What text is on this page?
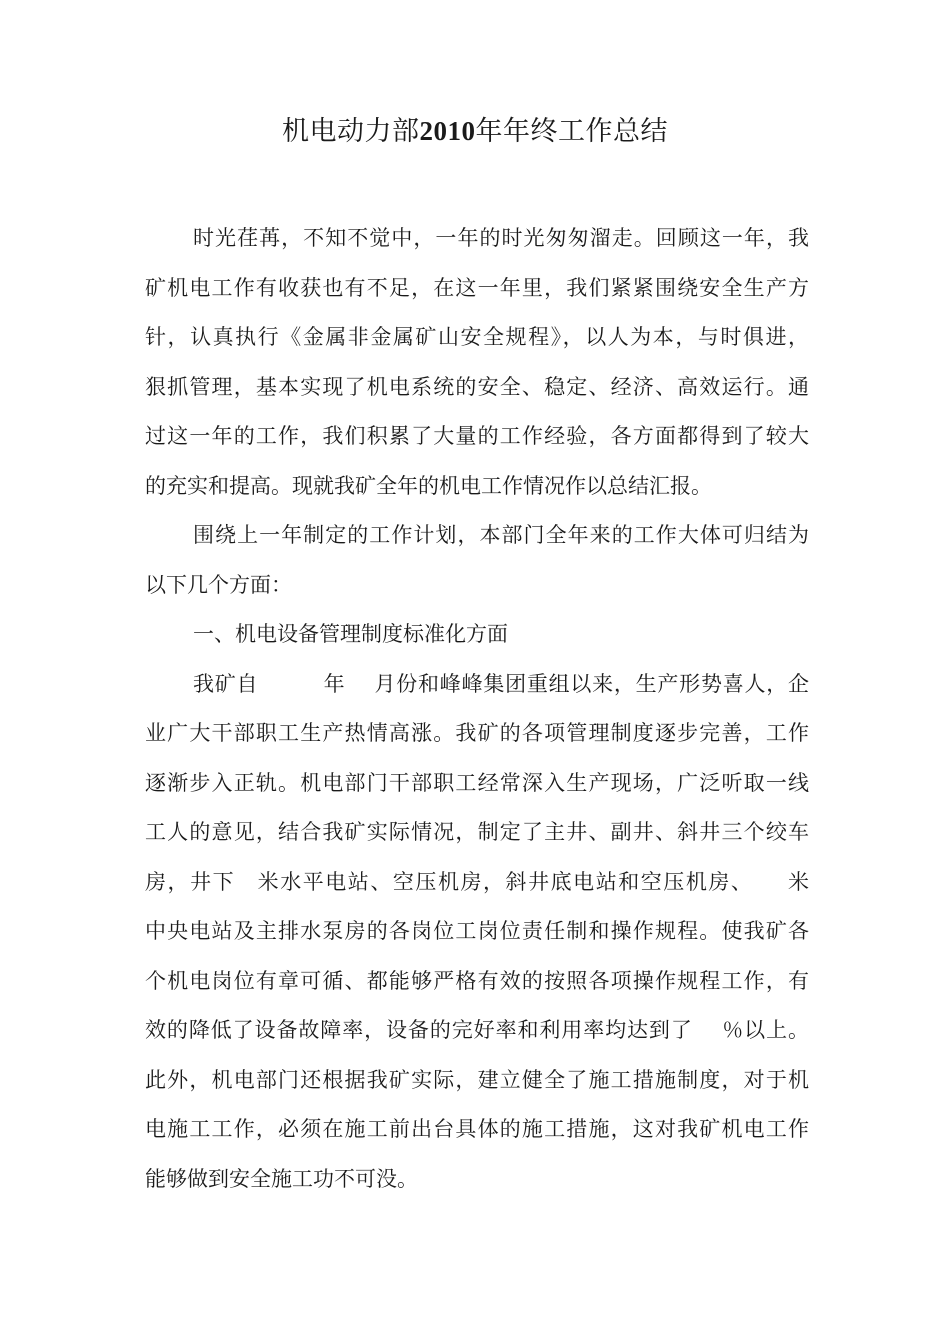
机电动力部2010年年终工作总结
时光荏苒，不知不觉中，一年的时光匆匆溜走。回顾这一年，我
矿机电工作有收获也有不足，在这一年里，我们紧紧围绕安全生产方
针，认真执行《金属非金属矿山安全规程》，以人为本，与时俱进，
狠抓管理，基本实现了机电系统的安全、稳定、经济、高效运行。通
过这一年的工作，我们积累了大量的工作经验，各方面都得到了较大
的充实和提高。现就我矿全年的机电工作情况作以总结汇报。
围绕上一年制定的工作计划，本部门全年来的工作大体可归结为
以下几个方面：
一、机电设备管理制度标准化方面
我矿自　　　年　 月份和峰峰集团重组以来，生产形势喜人，企
业广大干部职工生产热情高涨。我矿的各项管理制度逐步完善，工作
逐渐步入正轨。机电部门干部职工经常深入生产现场，广泛听取一线
工人的意见，结合我矿实际情况，制定了主井、副井、斜井三个绞车
房，井下　米水平电站、空压机房，斜井底电站和空压机房、　　米
中央电站及主排水泵房的各岗位工岗位责任制和操作规程。使我矿各
个机电岗位有章可循、都能够严格有效的按照各项操作规程工作，有
效的降低了设备故障率，设备的完好率和利用率均达到了　 ％以上。
此外，机电部门还根据我矿实际，建立健全了施工措施制度，对于机
电施工工作，必须在施工前出台具体的施工措施，这对我矿机电工作
能够做到安全施工功不可没。
